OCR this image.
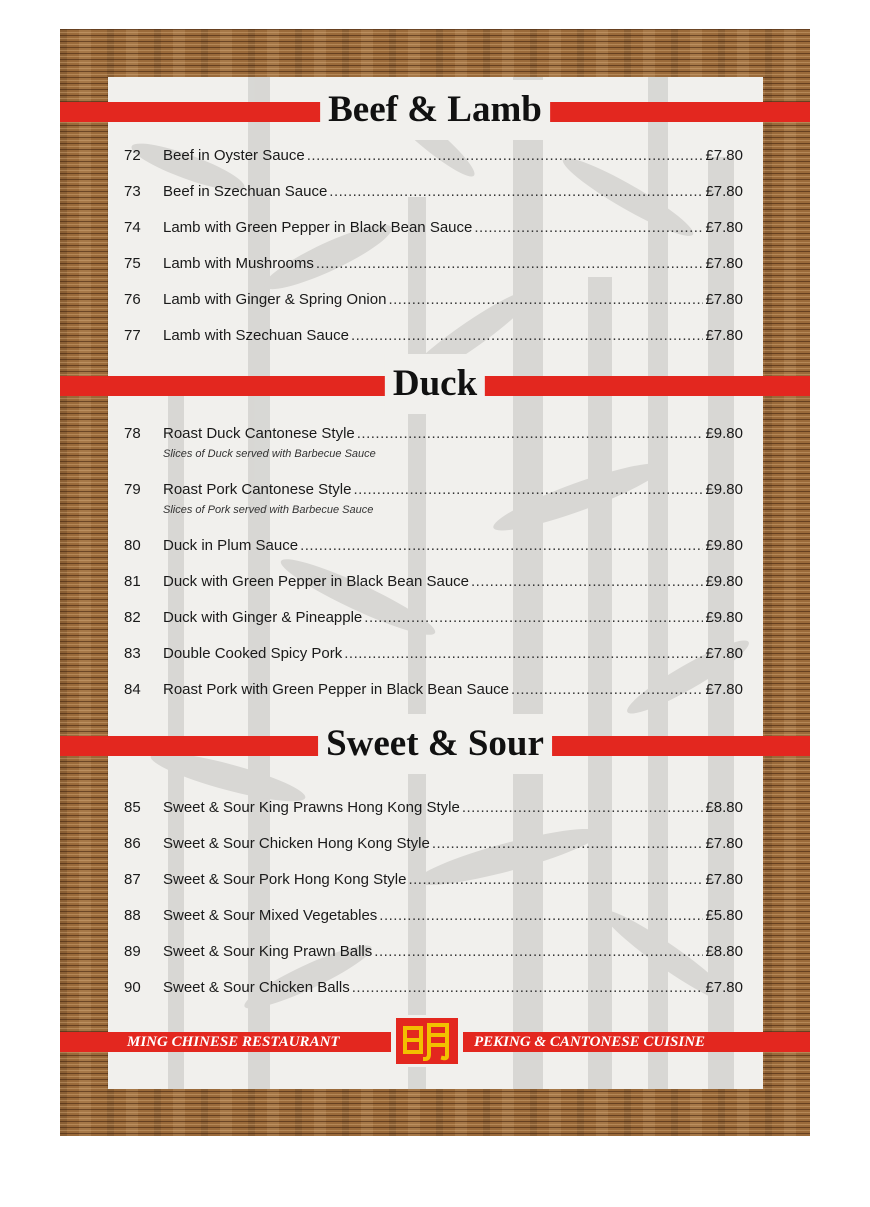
Beef & Lamb
72	Beef in Oyster Sauce .....	£7.80
73	Beef in Szechuan Sauce .....	£7.80
74	Lamb with Green Pepper in Black Bean Sauce .....	£7.80
75	Lamb with Mushrooms .....	£7.80
76	Lamb with Ginger & Spring Onion .....	£7.80
77	Lamb with Szechuan Sauce .....	£7.80
Duck
78	Roast Duck Cantonese Style .....	£9.80
Slices of Duck served with Barbecue Sauce
79	Roast Pork Cantonese Style .....	£9.80
Slices of Pork served with Barbecue Sauce
80	Duck in Plum Sauce .....	£9.80
81	Duck with Green Pepper in Black Bean Sauce .....	£9.80
82	Duck with Ginger & Pineapple .....	£9.80
83	Double Cooked Spicy Pork .....	£7.80
84	Roast Pork with Green Pepper in Black Bean Sauce .....	£7.80
Sweet & Sour
85	Sweet & Sour King Prawns Hong Kong Style .....	£8.80
86	Sweet & Sour Chicken Hong Kong Style .....	£7.80
87	Sweet & Sour Pork Hong Kong Style .....	£7.80
88	Sweet & Sour Mixed Vegetables .....	£5.80
89	Sweet & Sour King Prawn Balls .....	£8.80
90	Sweet & Sour Chicken Balls .....	£7.80
MING CHINESE RESTAURANT	PEKING & CANTONESE CUISINE
